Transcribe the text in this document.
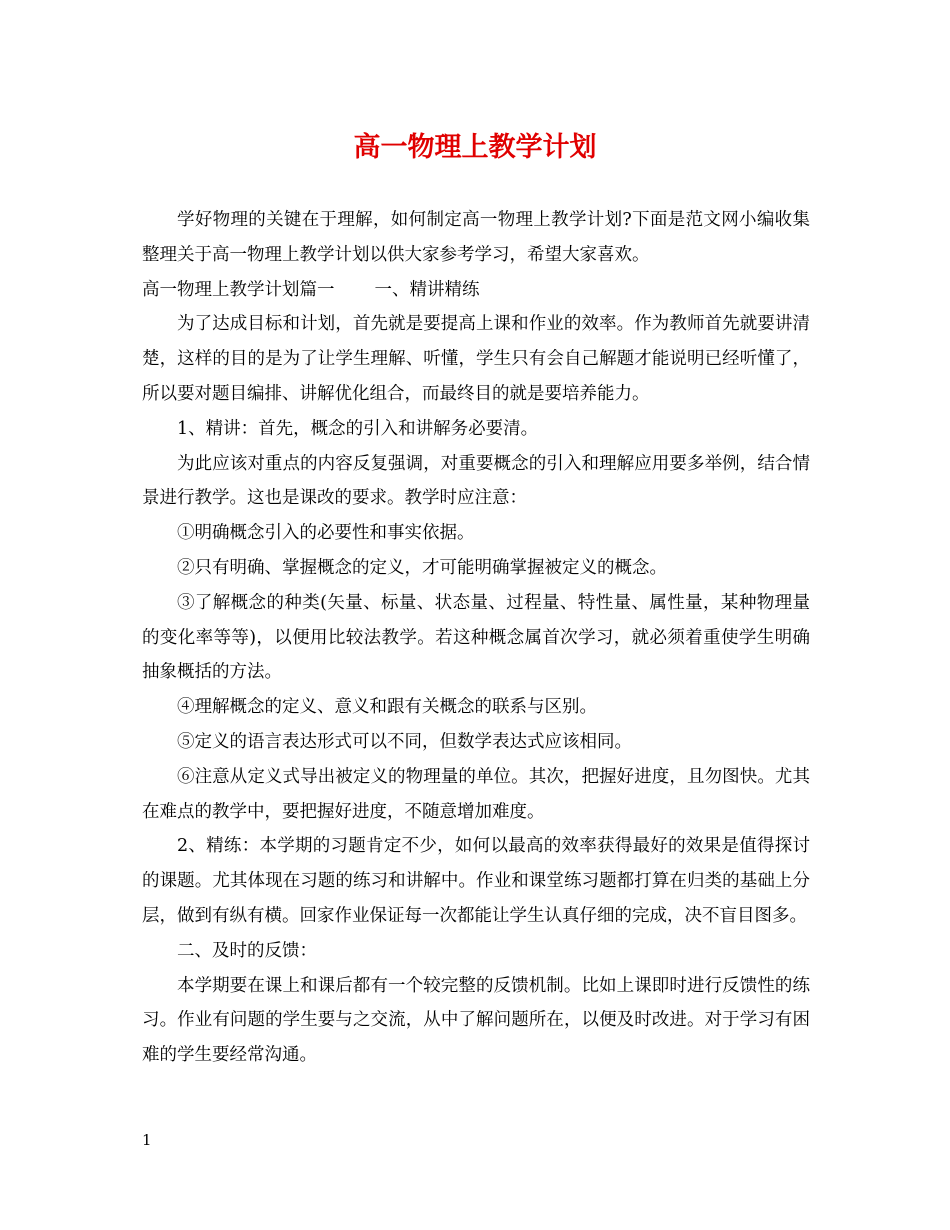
高一物理上教学计划

学好物理的关键在于理解，如何制定高一物理上教学计划?下面是范文网小编收集整理关于高一物理上教学计划以供大家参考学习，希望大家喜欢。

高一物理上教学计划篇一 一、精讲精练

为了达成目标和计划，首先就是要提高上课和作业的效率。作为教师首先就要讲清楚，这样的目的是为了让学生理解、听懂，学生只有会自己解题才能说明已经听懂了，所以要对题目编排、讲解优化组合，而最终目的就是要培养能力。

1、精讲：首先，概念的引入和讲解务必要清。

为此应该对重点的内容反复强调，对重要概念的引入和理解应用要多举例，结合情景进行教学。这也是课改的要求。教学时应注意：

①明确概念引入的必要性和事实依据。

②只有明确、掌握概念的定义，才可能明确掌握被定义的概念。

③了解概念的种类(矢量、标量、状态量、过程量、特性量、属性量，某种物理量的变化率等等)，以便用比较法教学。若这种概念属首次学习，就必须着重使学生明确抽象概括的方法。

④理解概念的定义、意义和跟有关概念的联系与区别。

⑤定义的语言表达形式可以不同，但数学表达式应该相同。

⑥注意从定义式导出被定义的物理量的单位。其次，把握好进度，且勿图快。尤其在难点的教学中，要把握好进度，不随意增加难度。

2、精练：本学期的习题肯定不少，如何以最高的效率获得最好的效果是值得探讨的课题。尤其体现在习题的练习和讲解中。作业和课堂练习题都打算在归类的基础上分层，做到有纵有横。回家作业保证每一次都能让学生认真仔细的完成，决不盲目图多。

二、及时的反馈：

本学期要在课上和课后都有一个较完整的反馈机制。比如上课即时进行反馈性的练习。作业有问题的学生要与之交流，从中了解问题所在，以便及时改进。对于学习有困难的学生要经常沟通。

1
